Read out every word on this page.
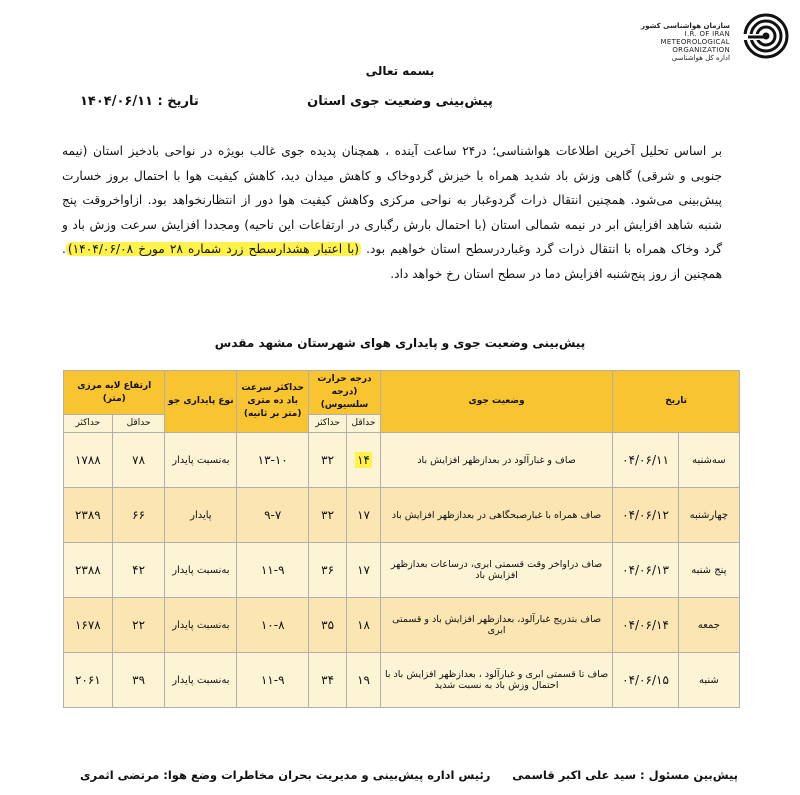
سازمان هواشناسی کشور
I.R. OF IRAN
METEOROLOGICAL
ORGANIZATION
اداره کل هواشناسی
بسمه تعالی
پیش‌بینی وضعیت جوی استان
تاریخ : ۱۴۰۴/۰۶/۱۱
بر اساس تحلیل آخرین اطلاعات هواشناسی؛ در۲۴ ساعت آینده ، همچنان پدیده جوی غالب بویژه در نواحی بادخیز استان (نیمه جنوبی و شرقی) گاهی وزش باد شدید همراه با خیزش گردوخاک و کاهش میدان دید، کاهش کیفیت هوا با احتمال بروز خسارت پیش‌بینی می‌شود. همچنین انتقال ذرات گردوغبار به نواحی مرکزی وکاهش کیفیت هوا دور از انتظارنخواهد بود. ازاواخروقت پنج شنبه شاهد افزایش ابر در نیمه شمالی استان (با احتمال بارش رگباری در ارتفاعات این ناحیه) ومجددا افزایش سرعت وزش باد و گرد وخاک همراه با انتقال ذرات گرد وغباردرسطح استان خواهیم بود. (با اعتبار هشدارسطح زرد شماره ۲۸ مورخ ۱۴۰۴/۰۶/۰۸). همچنین از روز پنج‌شنبه افزایش دما در سطح استان رخ خواهد داد.
پیش‌بینی وضعیت جوی و پایداری هوای شهرستان مشهد مقدس
تاریخ		وضعیت جوی	درجه حرارت (درجه سلسیوس)		حداکثر سرعت باد ده متری (متر بر ثانیه)	نوع پایداری جو	ارتفاع لایه مرزی (متر)	
			حداقل	حداکثر			حداقل	حداکثر
سه‌شنبه	۰۴/۰۶/۱۱	صاف و غبارآلود در بعدازظهر افزایش باد	۱۴	۳۲	۱۳-۱۰	به‌نسبت پایدار	۷۸	۱۷۸۸
چهارشنبه	۰۴/۰۶/۱۲	صاف همراه با غبارصبحگاهی در بعدازظهر افزایش باد	۱۷	۳۲	۹-۷	پایدار	۶۶	۲۳۸۹
پنج شنبه	۰۴/۰۶/۱۳	صاف دراواخر وقت قسمتی ابری، درساعات بعدازظهر افزایش باد	۱۷	۳۶	۱۱-۹	به‌نسبت پایدار	۴۲	۲۳۸۸
جمعه	۰۴/۰۶/۱۴	صاف بتدریج غبارآلود، بعدازظهر افزایش باد و قسمتی ابری	۱۸	۳۵	۱۰-۸	به‌نسبت پایدار	۲۲	۱۶۷۸
شنبه	۰۴/۰۶/۱۵	صاف تا قسمتی ابری و غبارآلود ، بعدازظهر افزایش باد با احتمال وزش باد به نسبت شدید	۱۹	۳۴	۱۱-۹	به‌نسبت پایدار	۳۹	۲۰۶۱
پیش‌بین مسئول : سید علی اکبر قاسمی
رئیس اداره پیش‌بینی و مدیریت بحران مخاطرات وضع هوا: مرتضی اثمری
